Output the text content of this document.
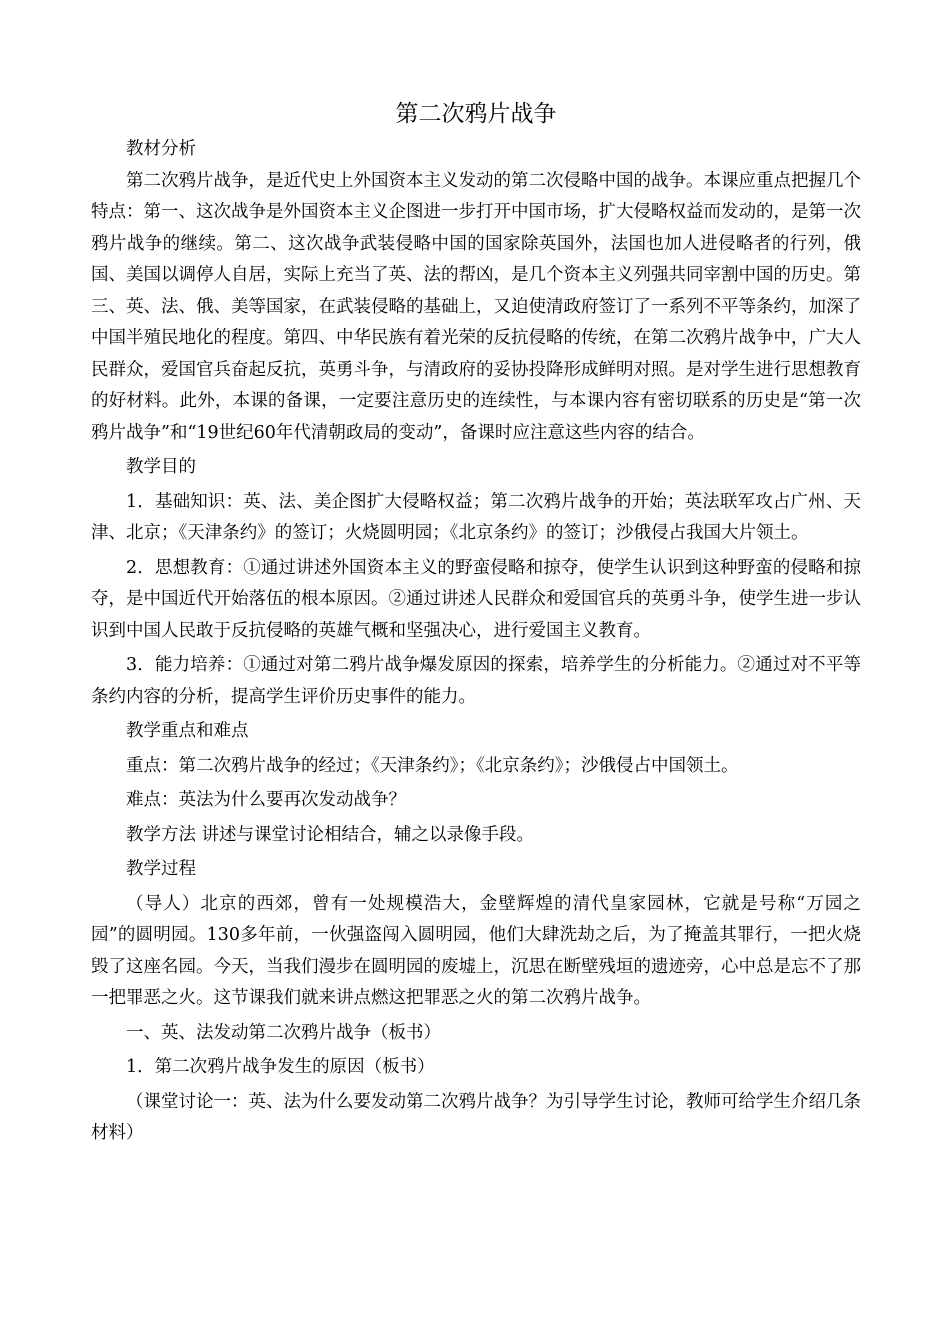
第二次鸦片战争

教材分析

第二次鸦片战争，是近代史上外国资本主义发动的第二次侵略中国的战争。本课应重点把握几个特点：第一、这次战争是外国资本主义企图进一步打开中国市场，扩大侵略权益而发动的，是第一次鸦片战争的继续。第二、这次战争武装侵略中国的国家除英国外，法国也加人进侵略者的行列，俄国、美国以调停人自居，实际上充当了英、法的帮凶，是几个资本主义列强共同宰割中国的历史。第三、英、法、俄、美等国家，在武装侵略的基础上，又迫使清政府签订了一系列不平等条约，加深了中国半殖民地化的程度。第四、中华民族有着光荣的反抗侵略的传统，在第二次鸦片战争中，广大人民群众，爱国官兵奋起反抗，英勇斗争，与清政府的妥协投降形成鲜明对照。是对学生进行思想教育的好材料。此外，本课的备课，一定要注意历史的连续性，与本课内容有密切联系的历史是“第一次鸦片战争”和“19世纪60年代清朝政局的变动”，备课时应注意这些内容的结合。

教学目的

1．基础知识：英、法、美企图扩大侵略权益；第二次鸦片战争的开始；英法联军攻占广州、天津、北京；《天津条约》的签订；火烧圆明园；《北京条约》的签订；沙俄侵占我国大片领土。

2．思想教育：①通过讲述外国资本主义的野蛮侵略和掠夺，使学生认识到这种野蛮的侵略和掠夺，是中国近代开始落伍的根本原因。②通过讲述人民群众和爱国官兵的英勇斗争，使学生进一步认识到中国人民敢于反抗侵略的英雄气概和坚强决心，进行爱国主义教育。

3．能力培养：①通过对第二鸦片战争爆发原因的探索，培养学生的分析能力。②通过对不平等条约内容的分析，提高学生评价历史事件的能力。

教学重点和难点

重点：第二次鸦片战争的经过；《天津条约》；《北京条约》；沙俄侵占中国领土。

难点：英法为什么要再次发动战争？

教学方法 讲述与课堂讨论相结合，辅之以录像手段。

教学过程

（导人）北京的西郊，曾有一处规模浩大，金壁辉煌的清代皇家园林，它就是号称“万园之园”的圆明园。130多年前，一伙强盗闯入圆明园，他们大肆洗劫之后，为了掩盖其罪行，一把火烧毁了这座名园。今天，当我们漫步在圆明园的废墟上，沉思在断壁残垣的遗迹旁，心中总是忘不了那一把罪恶之火。这节课我们就来讲点燃这把罪恶之火的第二次鸦片战争。

一、英、法发动第二次鸦片战争（板书）

1．第二次鸦片战争发生的原因（板书）

（课堂讨论一：英、法为什么要发动第二次鸦片战争？为引导学生讨论，教师可给学生介绍几条材料）
